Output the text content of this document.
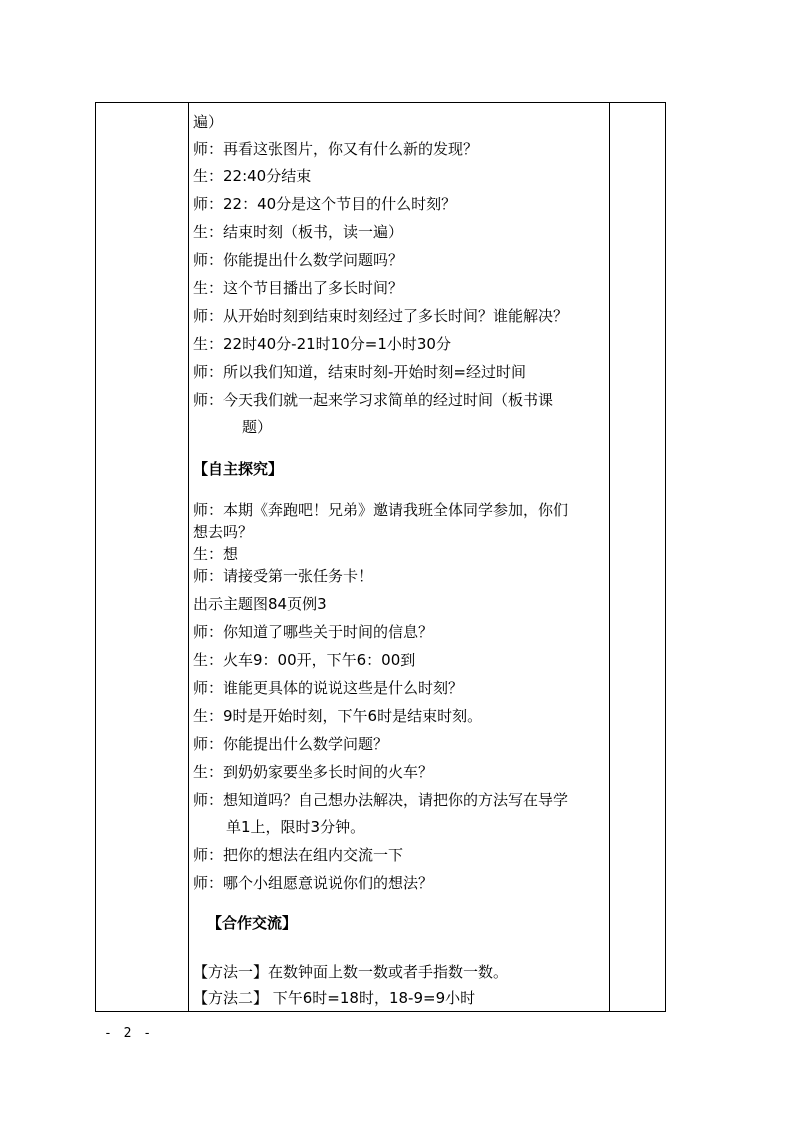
遍）
师：再看这张图片，你又有什么新的发现？
生：22:40分结束
师：22：40分是这个节目的什么时刻？
生：结束时刻（板书，读一遍）
师：你能提出什么数学问题吗？
生：这个节目播出了多长时间？
师：从开始时刻到结束时刻经过了多长时间？谁能解决？
生：22时40分-21时10分=1小时30分
师：所以我们知道，结束时刻-开始时刻=经过时间
师：今天我们就一起来学习求简单的经过时间（板书课
题）
【自主探究】
师：本期《奔跑吧！兄弟》邀请我班全体同学参加，你们
想去吗？
生：想
师：请接受第一张任务卡！
出示主题图84页例3
师：你知道了哪些关于时间的信息？
生：火车9：00开，下午6：00到
师：谁能更具体的说说这些是什么时刻？
生：9时是开始时刻，下午6时是结束时刻。
师：你能提出什么数学问题？
生：到奶奶家要坐多长时间的火车？
师：想知道吗？自己想办法解决，请把你的方法写在导学
单1上，限时3分钟。
师：把你的想法在组内交流一下
师：哪个小组愿意说说你们的想法？
【合作交流】
【方法一】在数钟面上数一数或者手指数一数。
【方法二】 下午6时=18时，18-9=9小时
- 2 -
